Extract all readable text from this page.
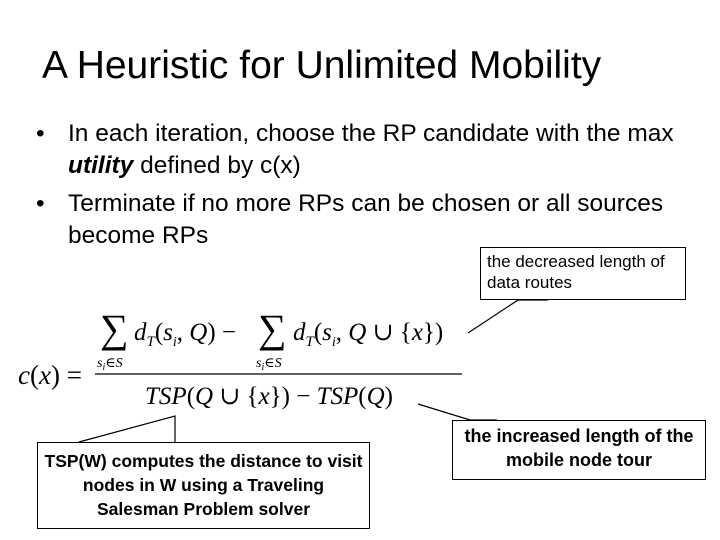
A Heuristic for Unlimited Mobility
• In each iteration, choose the RP candidate with the max utility defined by c(x)
• Terminate if no more RPs can be chosen or all sources become RPs
c(x) =
∑
$s_i\in S$
$d_T(s_i$, Q) − ∑
$s_i\in S$
$d_T(s_i$, Q ∪ {x})
TSP(Q ∪ {x}) − TSP(Q)
the decreased length of data routes
TSP(W) computes the distance to visit nodes in W using a Traveling Salesman Problem solver
the increased length of the mobile node tour
